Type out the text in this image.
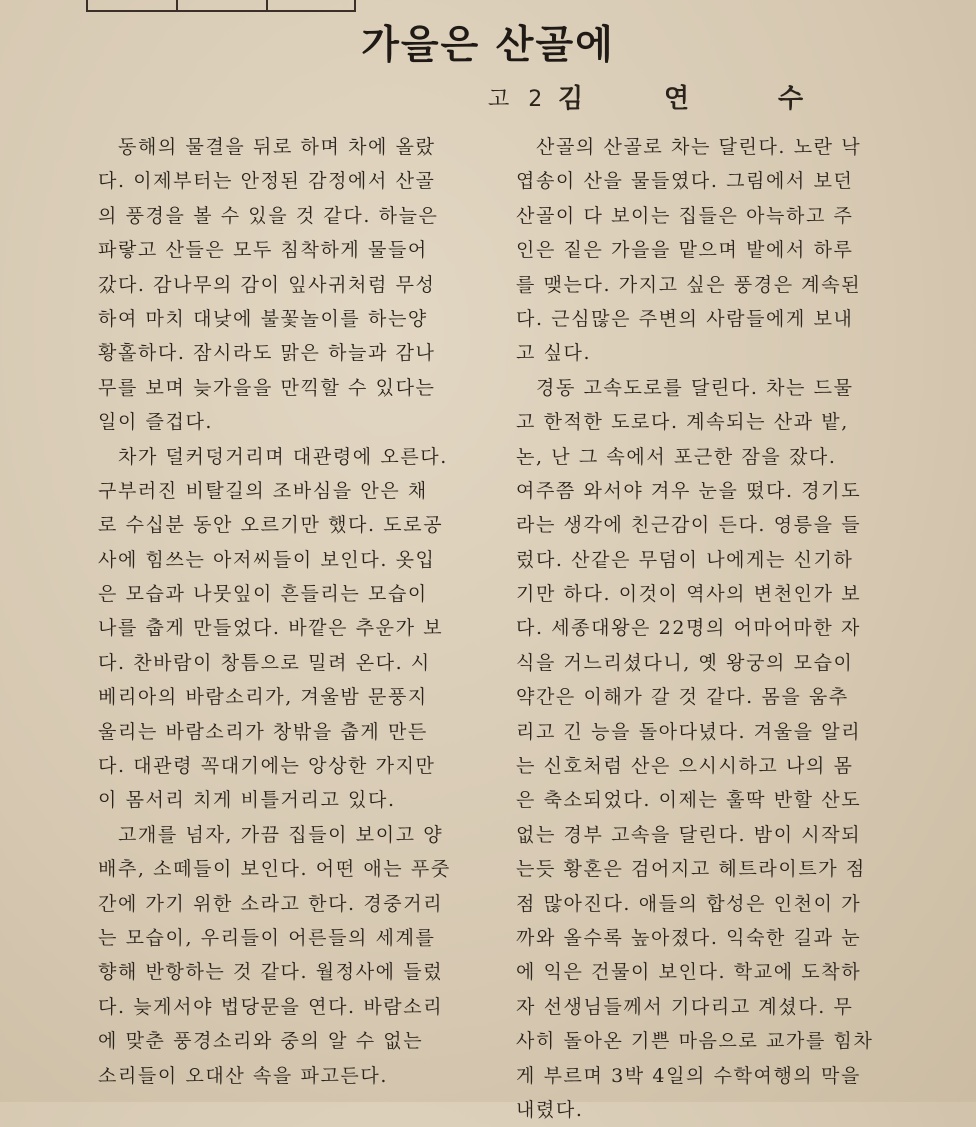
가을은 산골에
고 2 김	연	수
동해의 물결을 뒤로 하며 차에 올랐
다. 이제부터는 안정된 감정에서 산골
의 풍경을 볼 수 있을 것 같다. 하늘은
파랗고 산들은 모두 침착하게 물들어
갔다. 감나무의 감이 잎사귀처럼 무성
하여 마치 대낮에 불꽃놀이를 하는양
황홀하다. 잠시라도 맑은 하늘과 감나
무를 보며 늦가을을 만끽할 수 있다는
일이 즐겁다.
차가 덜커덩거리며 대관령에 오른다.
구부러진 비탈길의 조바심을 안은 채
로 수십분 동안 오르기만 했다. 도로공
사에 힘쓰는 아저씨들이 보인다. 옷입
은 모습과 나뭇잎이 흔들리는 모습이
나를 춥게 만들었다. 바깥은 추운가 보
다. 찬바람이 창틈으로 밀려 온다. 시
베리아의 바람소리가, 겨울밤 문풍지
울리는 바람소리가 창밖을 춥게 만든
다. 대관령 꼭대기에는 앙상한 가지만
이 몸서리 치게 비틀거리고 있다.
고개를 넘자, 가끔 집들이 보이고 양
배추, 소떼들이 보인다. 어떤 애는 푸줏
간에 가기 위한 소라고 한다. 경중거리
는 모습이, 우리들이 어른들의 세계를
향해 반항하는 것 같다. 월정사에 들렀
다. 늦게서야 법당문을 연다. 바람소리
에 맞춘 풍경소리와 중의 알 수 없는
소리들이 오대산 속을 파고든다.
산골의 산골로 차는 달린다. 노란 낙
엽송이 산을 물들였다. 그림에서 보던
산골이 다 보이는 집들은 아늑하고 주
인은 짙은 가을을 맡으며 밭에서 하루
를 맺는다. 가지고 싶은 풍경은 계속된
다. 근심많은 주변의 사람들에게 보내
고 싶다.
경동 고속도로를 달린다. 차는 드물
고 한적한 도로다. 계속되는 산과 밭,
논, 난 그 속에서 포근한 잠을 잤다.
여주쯤 와서야 겨우 눈을 떴다. 경기도
라는 생각에 친근감이 든다. 영릉을 들
렀다. 산같은 무덤이 나에게는 신기하
기만 하다. 이것이 역사의 변천인가 보
다. 세종대왕은 22명의 어마어마한 자
식을 거느리셨다니, 옛 왕궁의 모습이
약간은 이해가 갈 것 같다. 몸을 움추
리고 긴 능을 돌아다녔다. 겨울을 알리
는 신호처럼 산은 으시시하고 나의 몸
은 축소되었다. 이제는 훌딱 반할 산도
없는 경부 고속을 달린다. 밤이 시작되
는듯 황혼은 검어지고 헤트라이트가 점
점 많아진다. 애들의 합성은 인천이 가
까와 올수록 높아졌다. 익숙한 길과 눈
에 익은 건물이 보인다. 학교에 도착하
자 선생님들께서 기다리고 계셨다. 무
사히 돌아온 기쁜 마음으로 교가를 힘차
게 부르며 3박 4일의 수학여행의 막을
내렸다.
